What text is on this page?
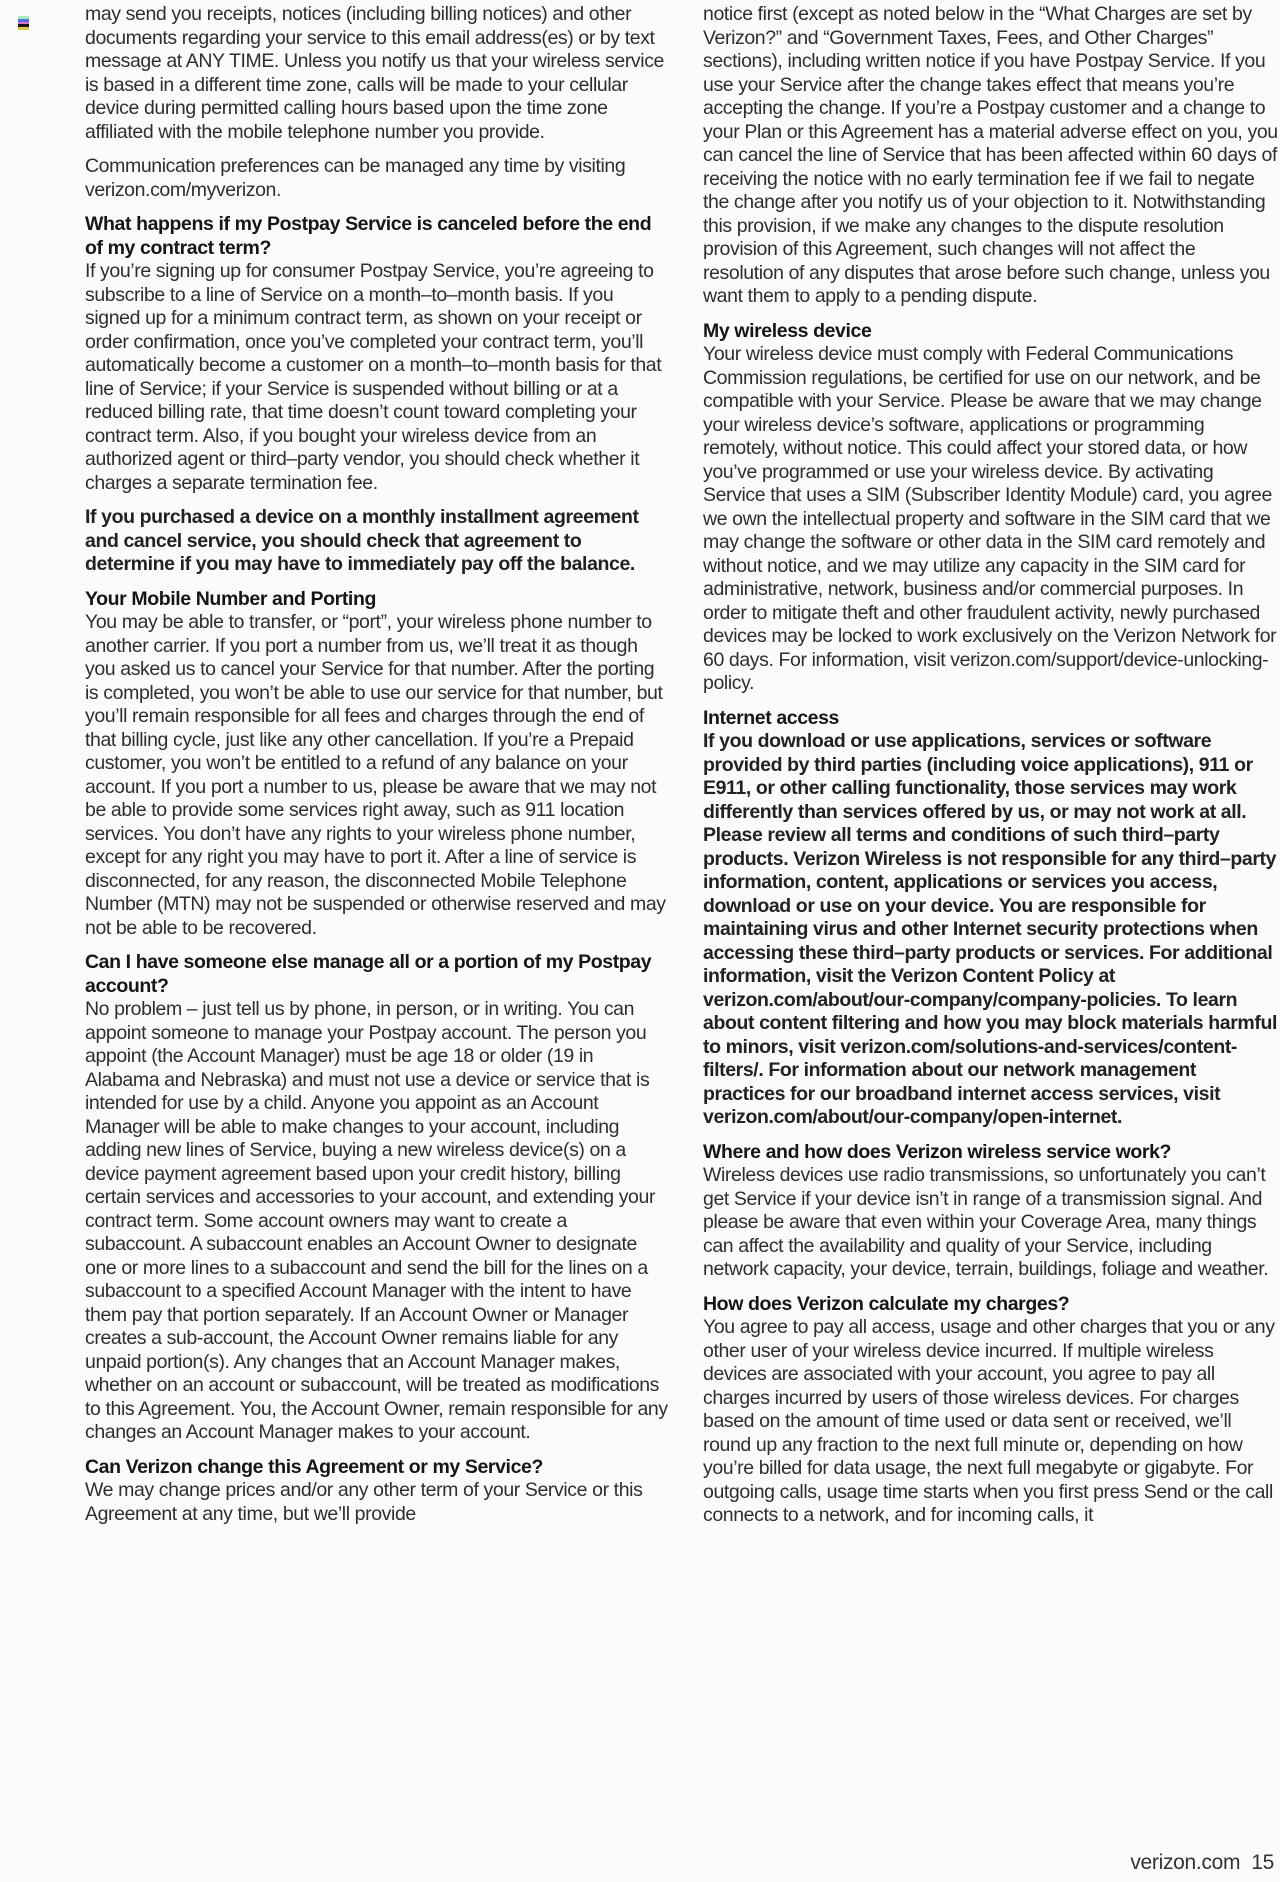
may send you receipts, notices (including billing notices) and other documents regarding your service to this email address(es) or by text message at ANY TIME. Unless you notify us that your wireless service is based in a different time zone, calls will be made to your cellular device during permitted calling hours based upon the time zone affiliated with the mobile telephone number you provide.

Communication preferences can be managed any time by visiting verizon.com/myverizon.

What happens if my Postpay Service is canceled before the end of my contract term?

If you’re signing up for consumer Postpay Service, you’re agreeing to subscribe to a line of Service on a month–to–month basis. If you signed up for a minimum contract term, as shown on your receipt or order confirmation, once you’ve completed your contract term, you’ll automatically become a customer on a month–to–month basis for that line of Service; if your Service is suspended without billing or at a reduced billing rate, that time doesn’t count toward completing your contract term. Also, if you bought your wireless device from an authorized agent or third–party vendor, you should check whether it charges a separate termination fee.

If you purchased a device on a monthly installment agreement and cancel service, you should check that agreement to determine if you may have to immediately pay off the balance.

Your Mobile Number and Porting

You may be able to transfer, or “port”, your wireless phone number to another carrier. If you port a number from us, we’ll treat it as though you asked us to cancel your Service for that number. After the porting is completed, you won’t be able to use our service for that number, but you’ll remain responsible for all fees and charges through the end of that billing cycle, just like any other cancellation. If you’re a Prepaid customer, you won’t be entitled to a refund of any balance on your account. If you port a number to us, please be aware that we may not be able to provide some services right away, such as 911 location services. You don’t have any rights to your wireless phone number, except for any right you may have to port it. After a line of service is disconnected, for any reason, the disconnected Mobile Telephone Number (MTN) may not be suspended or otherwise reserved and may not be able to be recovered.

Can I have someone else manage all or a portion of my Postpay account?

No problem – just tell us by phone, in person, or in writing. You can appoint someone to manage your Postpay account. The person you appoint (the Account Manager) must be age 18 or older (19 in Alabama and Nebraska) and must not use a device or service that is intended for use by a child. Anyone you appoint as an Account Manager will be able to make changes to your account, including adding new lines of Service, buying a new wireless device(s) on a device payment agreement based upon your credit history, billing certain services and accessories to your account, and extending your contract term. Some account owners may want to create a subaccount. A subaccount enables an Account Owner to designate one or more lines to a subaccount and send the bill for the lines on a subaccount to a specified Account Manager with the intent to have them pay that portion separately. If an Account Owner or Manager creates a sub-account, the Account Owner remains liable for any unpaid portion(s). Any changes that an Account Manager makes, whether on an account or subaccount, will be treated as modifications to this Agreement. You, the Account Owner, remain responsible for any changes an Account Manager makes to your account.

Can Verizon change this Agreement or my Service?

We may change prices and/or any other term of your Service or this Agreement at any time, but we’ll provide

notice first (except as noted below in the “What Charges are set by Verizon?” and “Government Taxes, Fees, and Other Charges” sections), including written notice if you have Postpay Service. If you use your Service after the change takes effect that means you’re accepting the change. If you’re a Postpay customer and a change to your Plan or this Agreement has a material adverse effect on you, you can cancel the line of Service that has been affected within 60 days of receiving the notice with no early termination fee if we fail to negate the change after you notify us of your objection to it. Notwithstanding this provision, if we make any changes to the dispute resolution provision of this Agreement, such changes will not affect the resolution of any disputes that arose before such change, unless you want them to apply to a pending dispute.

My wireless device

Your wireless device must comply with Federal Communications Commission regulations, be certified for use on our network, and be compatible with your Service. Please be aware that we may change your wireless device’s software, applications or programming remotely, without notice. This could affect your stored data, or how you’ve programmed or use your wireless device. By activating Service that uses a SIM (Subscriber Identity Module) card, you agree we own the intellectual property and software in the SIM card that we may change the software or other data in the SIM card remotely and without notice, and we may utilize any capacity in the SIM card for administrative, network, business and/or commercial purposes. In order to mitigate theft and other fraudulent activity, newly purchased devices may be locked to work exclusively on the Verizon Network for 60 days. For information, visit verizon.com/support/device-unlocking-policy.

Internet access

If you download or use applications, services or software provided by third parties (including voice applications), 911 or E911, or other calling functionality, those services may work differently than services offered by us, or may not work at all. Please review all terms and conditions of such third–party products. Verizon Wireless is not responsible for any third–party information, content, applications or services you access, download or use on your device. You are responsible for maintaining virus and other Internet security protections when accessing these third–party products or services. For additional information, visit the Verizon Content Policy at verizon.com/about/our-company/company-policies. To learn about content filtering and how you may block materials harmful to minors, visit verizon.com/solutions-and-services/content-filters/. For information about our network management practices for our broadband internet access services, visit verizon.com/about/our-company/open-internet.

Where and how does Verizon wireless service work?

Wireless devices use radio transmissions, so unfortunately you can’t get Service if your device isn’t in range of a transmission signal. And please be aware that even within your Coverage Area, many things can affect the availability and quality of your Service, including network capacity, your device, terrain, buildings, foliage and weather.

How does Verizon calculate my charges?

You agree to pay all access, usage and other charges that you or any other user of your wireless device incurred. If multiple wireless devices are associated with your account, you agree to pay all charges incurred by users of those wireless devices. For charges based on the amount of time used or data sent or received, we’ll round up any fraction to the next full minute or, depending on how you’re billed for data usage, the next full megabyte or gigabyte. For outgoing calls, usage time starts when you first press Send or the call connects to a network, and for incoming calls, it

verizon.com 15
